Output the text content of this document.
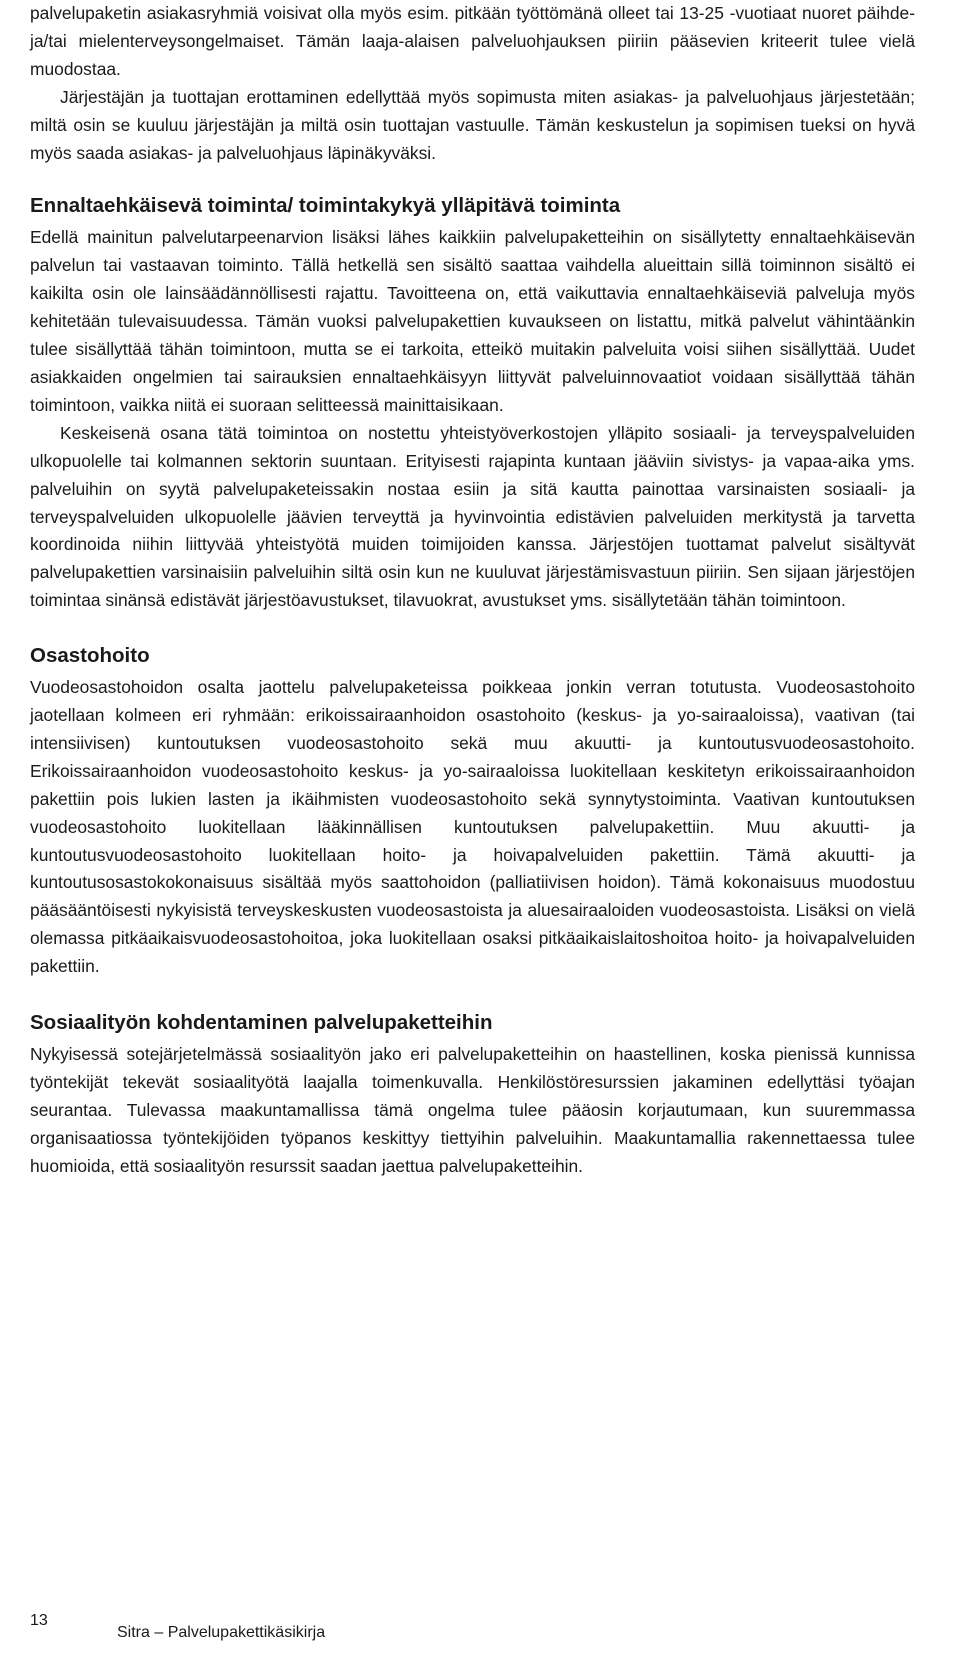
palvelupaketin asiakasryhmiä voisivat olla myös esim. pitkään työttömänä olleet tai 13-25 -vuotiaat nuoret päihde- ja/tai mielenterveysongelmaiset. Tämän laaja-alaisen palveluohjauksen piiriin pääsevien kriteerit tulee vielä muodostaa.

Järjestäjän ja tuottajan erottaminen edellyttää myös sopimusta miten asiakas- ja palveluohjaus järjestetään; miltä osin se kuuluu järjestäjän ja miltä osin tuottajan vastuulle. Tämän keskustelun ja sopimisen tueksi on hyvä myös saada asiakas- ja palveluohjaus läpinäkyväksi.

Ennaltaehkäisevä toiminta/ toimintakykyä ylläpitävä toiminta

Edellä mainitun palvelutarpeenarvion lisäksi lähes kaikkiin palvelupaketteihin on sisällytetty ennaltaehkäisevän palvelun tai vastaavan toiminto. Tällä hetkellä sen sisältö saattaa vaihdella alueittain sillä toiminnon sisältö ei kaikilta osin ole lainsäädännöllisesti rajattu. Tavoitteena on, että vaikuttavia ennaltaehkäiseviä palveluja myös kehitetään tulevaisuudessa. Tämän vuoksi palvelupakettien kuvaukseen on listattu, mitkä palvelut vähintäänkin tulee sisällyttää tähän toimintoon, mutta se ei tarkoita, etteikö muitakin palveluita voisi siihen sisällyttää. Uudet asiakkaiden ongelmien tai sairauksien ennaltaehkäisyyn liittyvät palveluinnovaatiot voidaan sisällyttää tähän toimintoon, vaikka niitä ei suoraan selitteessä mainittaisikaan.

Keskeisenä osana tätä toimintoa on nostettu yhteistyöverkostojen ylläpito sosiaali- ja terveyspalveluiden ulkopuolelle tai kolmannen sektorin suuntaan. Erityisesti rajapinta kuntaan jääviin sivistys- ja vapaa-aika yms. palveluihin on syytä palvelupaketeissakin nostaa esiin ja sitä kautta painottaa varsinaisten sosiaali- ja terveyspalveluiden ulkopuolelle jäävien terveyttä ja hyvinvointia edistävien palveluiden merkitystä ja tarvetta koordinoida niihin liittyvää yhteistyötä muiden toimijoiden kanssa. Järjestöjen tuottamat palvelut sisältyvät palvelupakettien varsinaisiin palveluihin siltä osin kun ne kuuluvat järjestämisvastuun piiriin. Sen sijaan järjestöjen toimintaa sinänsä edistävät järjestöavustukset, tilavuokrat, avustukset yms. sisällytetään tähän toimintoon.

Osastohoito

Vuodeosastohoidon osalta jaottelu palvelupaketeissa poikkeaa jonkin verran totutusta. Vuodeosastohoito jaotellaan kolmeen eri ryhmään: erikoissairaanhoidon osastohoito (keskus- ja yo-sairaaloissa), vaativan (tai intensiivisen) kuntoutuksen vuodeosastohoito sekä muu akuutti- ja kuntoutusvuodeosastohoito. Erikoissairaanhoidon vuodeosastohoito keskus- ja yo-sairaaloissa luokitellaan keskitetyn erikoissairaanhoidon pakettiin pois lukien lasten ja ikäihmisten vuodeosastohoito sekä synnytystoiminta. Vaativan kuntoutuksen vuodeosastohoito luokitellaan lääkinnällisen kuntoutuksen palvelupakettiin. Muu akuutti- ja kuntoutusvuodeosastohoito luokitellaan hoito- ja hoivapalveluiden pakettiin. Tämä akuutti- ja kuntoutusosastokokonaisuus sisältää myös saattohoidon (palliatiivisen hoidon). Tämä kokonaisuus muodostuu pääsääntöisesti nykyisistä terveyskeskusten vuodeosastoista ja aluesairaaloiden vuodeosastoista. Lisäksi on vielä olemassa pitkäaikaisvuodeosastohoitoa, joka luokitellaan osaksi pitkäaikaislaitoshoitoa hoito- ja hoivapalveluiden pakettiin.

Sosiaalityön kohdentaminen palvelupaketteihin

Nykyisessä sotejärjetelmässä sosiaalityön jako eri palvelupaketteihin on haastellinen, koska pienissä kunnissa työntekijät tekevät sosiaalityötä laajalla toimenkuvalla. Henkilöstöresurssien jakaminen edellyttäsi työajan seurantaa. Tulevassa maakuntamallissa tämä ongelma tulee pääosin korjautumaan, kun suuremmassa organisaatiossa työntekijöiden työpanos keskittyy tiettyihin palveluihin. Maakuntamallia rakennettaessa tulee huomioida, että sosiaalityön resurssit saadan jaettua palvelupaketteihin.

13
Sitra – Palvelupakettikäsikirja
